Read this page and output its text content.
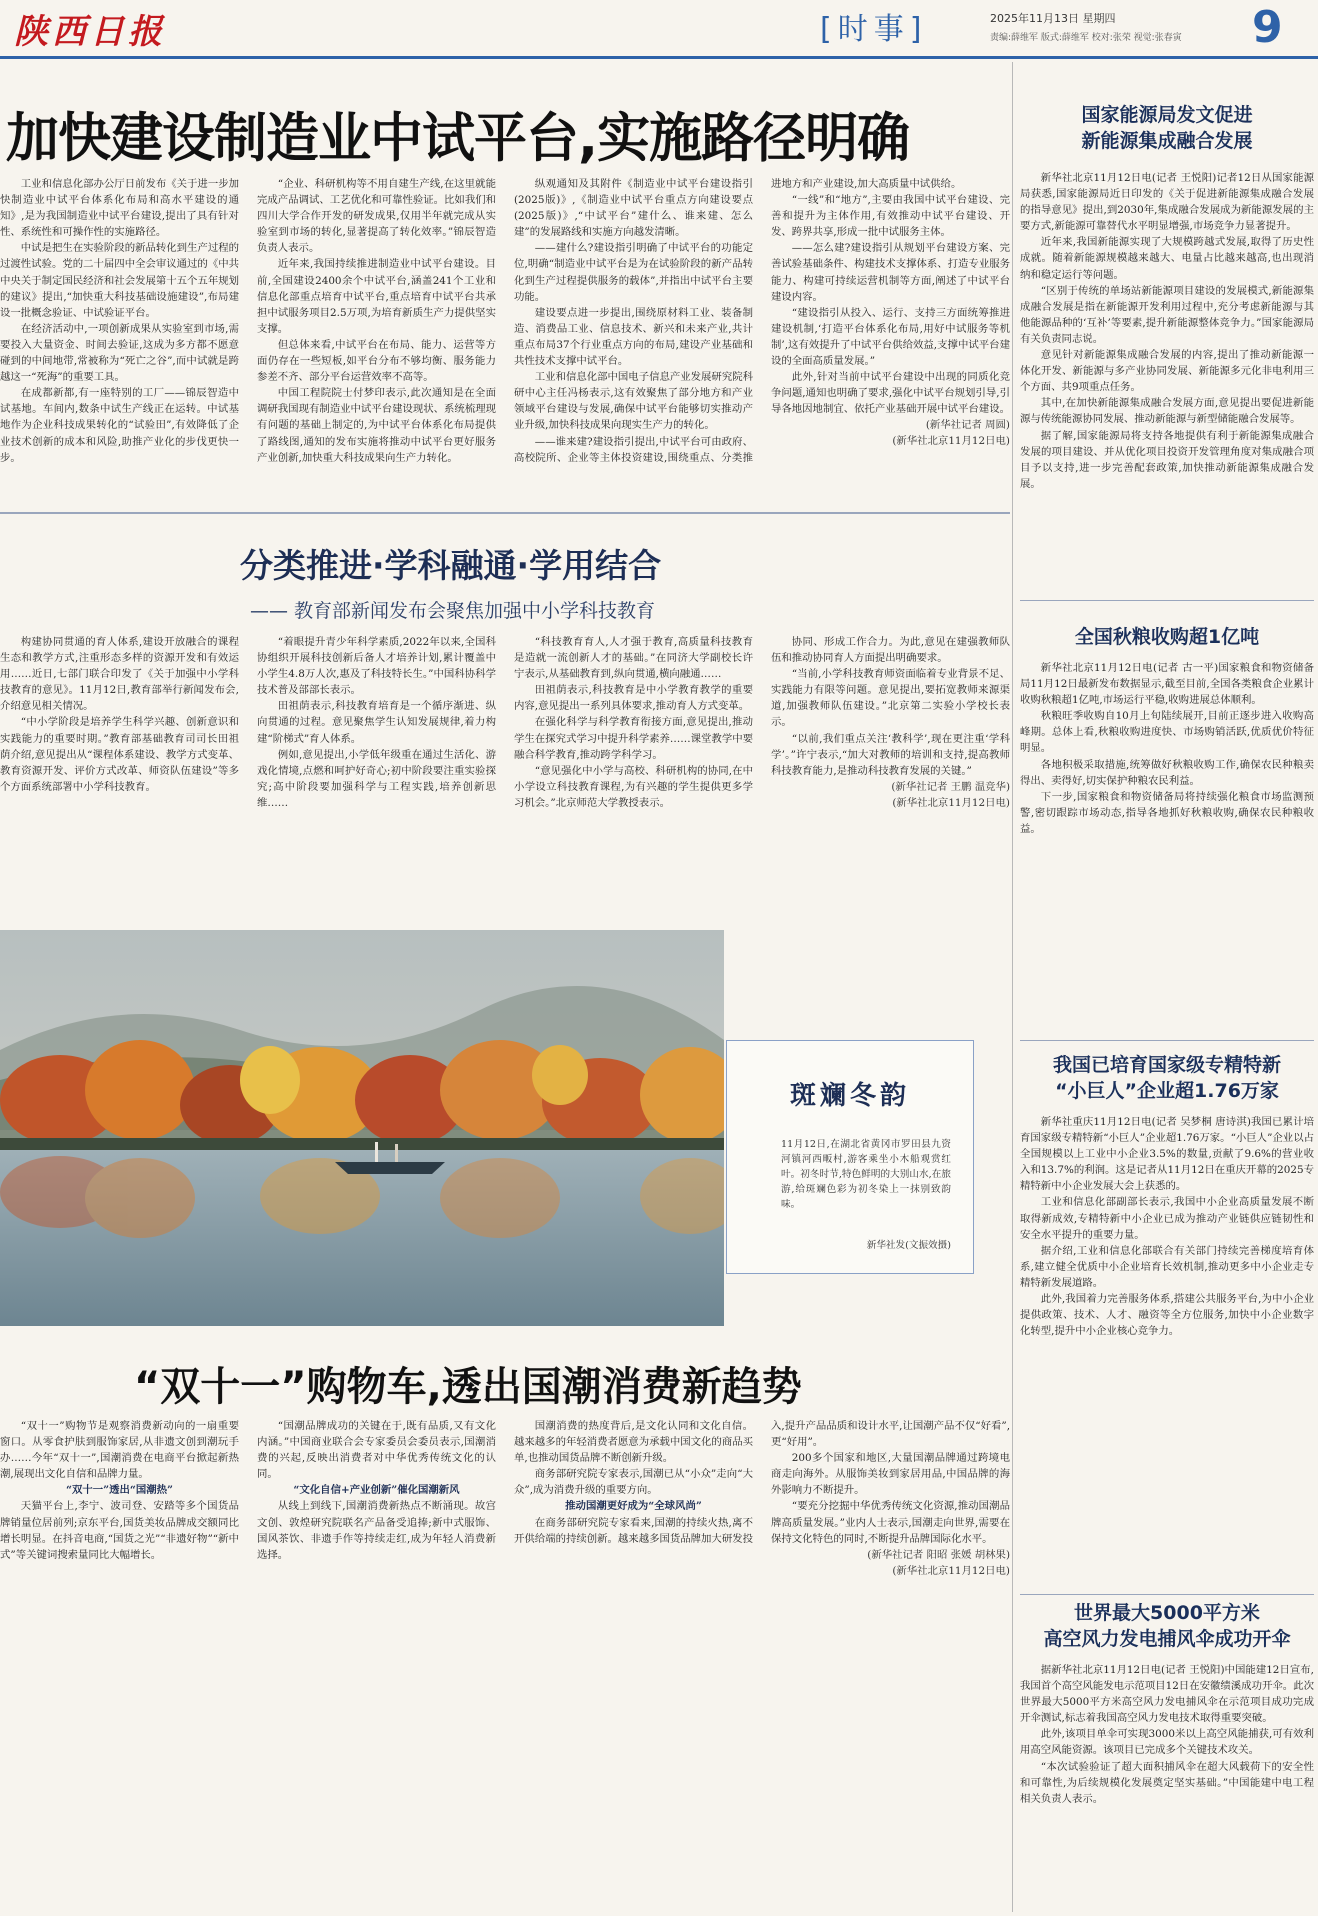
陕西日报	[时事]	2025年11月13日 星期四
责编:薛维军 版式:薛维军 校对:张荣 视觉:张春寅 9
加快建设制造业中试平台,实施路径明确

工业和信息化部办公厅日前发布《关于进一步加快制造业中试平台体系化布局和高水平建设的通知》,是为我国制造业中试平台建设,提出了具有针对性、系统性和可操作性的实施路径。

中试是把生在实验阶段的新品转化到生产过程的过渡性试验。党的二十届四中全会审议通过的《中共中央关于制定国民经济和社会发展第十五个五年规划的建议》提出,“加快重大科技基础设施建设”,布局建设一批概念验证、中试验证平台。

在经济活动中,一项创新成果从实验室到市场,需要投入大量资金、时间去验证,这成为多方都不愿意碰到的中间地带,常被称为“死亡之谷”,而中试就是跨越这一“死海”的重要工具。

在成都新都,有一座特别的工厂——锦辰智造中试基地。车间内,数条中试生产线正在运转。中试基地作为企业科技成果转化的“试验田”,有效降低了企业技术创新的成本和风险,助推产业化的步伐更快一步。

“企业、科研机构等不用自建生产线,在这里就能完成产品调试、工艺优化和可靠性验证。比如我们和四川大学合作开发的研发成果,仅用半年就完成从实验室到市场的转化,显著提高了转化效率。”锦辰智造负责人表示。

近年来,我国持续推进制造业中试平台建设。目前,全国建设2400余个中试平台,涵盖241个工业和信息化部重点培育中试平台,重点培育中试平台共承担中试服务项目2.5万项,为培育新质生产力提供坚实支撑。

但总体来看,中试平台在布局、能力、运营等方面仍存在一些短板,如平台分布不够均衡、服务能力参差不齐、部分平台运营效率不高等。

中国工程院院士付梦印表示,此次通知是在全面调研我国现有制造业中试平台建设现状、系统梳理现有问题的基础上制定的,为中试平台体系化布局提供了路线图,通知的发布实施将推动中试平台更好服务产业创新,加快重大科技成果向生产力转化。

纵观通知及其附件《制造业中试平台建设指引(2025版)》,《制造业中试平台重点方向建设要点(2025版)》,“中试平台”建什么、谁来建、怎么建”的发展路线和实施方向越发清晰。

——建什么?建设指引明确了中试平台的功能定位,明确“制造业中试平台是为在试验阶段的新产品转化到生产过程提供服务的载体”,并指出中试平台主要功能。

建设要点进一步提出,围绕原材料工业、装备制造、消费品工业、信息技术、新兴和未来产业,共计重点布局37个行业重点方向的布局,建设产业基础和共性技术支撑中试平台。

工业和信息化部中国电子信息产业发展研究院科研中心主任冯杨表示,这有效聚焦了部分地方和产业领域平台建设与发展,确保中试平台能够切实推动产业升级,加快科技成果向现实生产力的转化。

——谁来建?建设指引提出,中试平台可由政府、高校院所、企业等主体投资建设,围绕重点、分类推进地方和产业建设,加大高质量中试供给。

“一线”和“地方”,主要由我国中试平台建设、完善和提升为主体作用,有效推动中试平台建设、开发、跨界共享,形成一批中试服务主体。

——怎么建?建设指引从规划平台建设方案、完善试验基础条件、构建技术支撑体系、打造专业服务能力、构建可持续运营机制等方面,阐述了中试平台建设内容。

“建设指引从投入、运行、支持三方面统筹推进建设机制,‘打造平台体系化布局,用好中试服务等机制’,这有效提升了中试平台供给效益,支撑中试平台建设的全面高质量发展。”

此外,针对当前中试平台建设中出现的同质化竞争问题,通知也明确了要求,强化中试平台规划引导,引导各地因地制宜、依托产业基础开展中试平台建设。

(新华社记者 周圆)

(新华社北京11月12日电)

分类推进·学科融通·学用结合
—— 教育部新闻发布会聚焦加强中小学科技教育

构建协同贯通的育人体系,建设开放融合的课程生态和教学方式,注重形态多样的资源开发和有效运用……近日,七部门联合印发了《关于加强中小学科技教育的意见》。11月12日,教育部举行新闻发布会,介绍意见相关情况。

“中小学阶段是培养学生科学兴趣、创新意识和实践能力的重要时期。”教育部基础教育司司长田祖荫介绍,意见提出从“课程体系建设、教学方式变革、教育资源开发、评价方式改革、师资队伍建设”等多个方面系统部署中小学科技教育。

“着眼提升青少年科学素质,2022年以来,全国科协组织开展科技创新后备人才培养计划,累计覆盖中小学生4.8万人次,惠及了科技特长生。”中国科协科学技术普及部部长表示。

田祖荫表示,科技教育培育是一个循序渐进、纵向贯通的过程。意见聚焦学生认知发展规律,着力构建“阶梯式”育人体系。

例如,意见提出,小学低年级重在通过生活化、游戏化情境,点燃和呵护好奇心;初中阶段要注重实验探究;高中阶段要加强科学与工程实践,培养创新思维……

“科技教育育人,人才强于教育,高质量科技教育是造就一流创新人才的基础。”在同济大学副校长许宁表示,从基础教育到,纵向贯通,横向融通……

田祖荫表示,科技教育是中小学教育教学的重要内容,意见提出一系列具体要求,推动育人方式变革。

在强化科学与科学教育衔接方面,意见提出,推动学生在探究式学习中提升科学素养……课堂教学中要融合科学教育,推动跨学科学习。

“意见强化中小学与高校、科研机构的协同,在中小学设立科技教育课程,为有兴趣的学生提供更多学习机会。”北京师范大学教授表示。

协同、形成工作合力。为此,意见在建强教师队伍和推动协同育人方面提出明确要求。

“当前,小学科技教育师资面临着专业背景不足、实践能力有限等问题。意见提出,要拓宽教师来源渠道,加强教师队伍建设。”北京第二实验小学校长表示。

“以前,我们重点关注‘教科学’,现在更注重‘学科学’。”许宁表示,“加大对教师的培训和支持,提高教师科技教育能力,是推动科技教育发展的关键。”

(新华社记者 王鹏 温竞华)

(新华社北京11月12日电)

斑斓冬韵
11月12日,在湖北省黄冈市罗田县九资河镇河西畈村,游客乘坐小木船观赏红叶。初冬时节,特色鲜明的大别山水,在旅游,给斑斓色彩为初冬染上一抹别致韵味。
新华社发(文振效摄)
“双十一”购物车,透出国潮消费新趋势

“双十一”购物节是观察消费新动向的一扇重要窗口。从零食护肤到服饰家居,从非遗文创到潮玩手办……今年“双十一”,国潮消费在电商平台掀起新热潮,展现出文化自信和品牌力量。

“双十一”透出“国潮热”

天猫平台上,李宁、波司登、安踏等多个国货品牌销量位居前列;京东平台,国货美妆品牌成交额同比增长明显。在抖音电商,“国货之光”“非遗好物”“新中式”等关键词搜索量同比大幅增长。

“国潮品牌成功的关键在于,既有品质,又有文化内涵。”中国商业联合会专家委员会委员表示,国潮消费的兴起,反映出消费者对中华优秀传统文化的认同。

“文化自信+产业创新”催化国潮新风

从线上到线下,国潮消费新热点不断涌现。故宫文创、敦煌研究院联名产品备受追捧;新中式服饰、国风茶饮、非遗手作等持续走红,成为年轻人消费新选择。

国潮消费的热度背后,是文化认同和文化自信。越来越多的年轻消费者愿意为承载中国文化的商品买单,也推动国货品牌不断创新升级。

商务部研究院专家表示,国潮已从“小众”走向“大众”,成为消费升级的重要方向。

推动国潮更好成为“全球风尚”

在商务部研究院专家看来,国潮的持续火热,离不开供给端的持续创新。越来越多国货品牌加大研发投入,提升产品品质和设计水平,让国潮产品不仅“好看”,更“好用”。

200多个国家和地区,大量国潮品牌通过跨境电商走向海外。从服饰美妆到家居用品,中国品牌的海外影响力不断提升。

“要充分挖掘中华优秀传统文化资源,推动国潮品牌高质量发展。”业内人士表示,国潮走向世界,需要在保持文化特色的同时,不断提升品牌国际化水平。

(新华社记者 阳昭 张媛 胡林果)

(新华社北京11月12日电)

国家能源局发文促进
新能源集成融合发展

新华社北京11月12日电(记者 王悦阳)记者12日从国家能源局获悉,国家能源局近日印发的《关于促进新能源集成融合发展的指导意见》提出,到2030年,集成融合发展成为新能源发展的主要方式,新能源可靠替代水平明显增强,市场竞争力显著提升。

近年来,我国新能源实现了大规模跨越式发展,取得了历史性成就。随着新能源规模越来越大、电量占比越来越高,也出现消纳和稳定运行等问题。

“区别于传统的单场站新能源项目建设的发展模式,新能源集成融合发展是指在新能源开发利用过程中,充分考虑新能源与其他能源品种的‘互补’等要素,提升新能源整体竞争力。”国家能源局有关负责同志说。

意见针对新能源集成融合发展的内容,提出了推动新能源一体化开发、新能源与多产业协同发展、新能源多元化非电利用三个方面、共9项重点任务。

其中,在加快新能源集成融合发展方面,意见提出要促进新能源与传统能源协同发展、推动新能源与新型储能融合发展等。

据了解,国家能源局将支持各地提供有利于新能源集成融合发展的项目建设、并从优化项目投资开发管理角度对集成融合项目予以支持,进一步完善配套政策,加快推动新能源集成融合发展。

全国秋粮收购超1亿吨

新华社北京11月12日电(记者 古一平)国家粮食和物资储备局11月12日最新发布数据显示,截至目前,全国各类粮食企业累计收购秋粮超1亿吨,市场运行平稳,收购进展总体顺利。

秋粮旺季收购自10月上旬陆续展开,目前正逐步进入收购高峰期。总体上看,秋粮收购进度快、市场购销活跃,优质优价特征明显。

各地积极采取措施,统筹做好秋粮收购工作,确保农民种粮卖得出、卖得好,切实保护种粮农民利益。

下一步,国家粮食和物资储备局将持续强化粮食市场监测预警,密切跟踪市场动态,指导各地抓好秋粮收购,确保农民种粮收益。

我国已培育国家级专精特新
“小巨人”企业超1.76万家

新华社重庆11月12日电(记者 吴梦桐 唐诗淇)我国已累计培育国家级专精特新“小巨人”企业超1.76万家。“小巨人”企业以占全国规模以上工业中小企业3.5%的数量,贡献了9.6%的营业收入和13.7%的利润。这是记者从11月12日在重庆开幕的2025专精特新中小企业发展大会上获悉的。

工业和信息化部副部长表示,我国中小企业高质量发展不断取得新成效,专精特新中小企业已成为推动产业链供应链韧性和安全水平提升的重要力量。

据介绍,工业和信息化部联合有关部门持续完善梯度培育体系,建立健全优质中小企业培育长效机制,推动更多中小企业走专精特新发展道路。

此外,我国着力完善服务体系,搭建公共服务平台,为中小企业提供政策、技术、人才、融资等全方位服务,加快中小企业数字化转型,提升中小企业核心竞争力。

世界最大5000平方米
高空风力发电捕风伞成功开伞

据新华社北京11月12日电(记者 王悦阳)中国能建12日宣布,我国首个高空风能发电示范项目12日在安徽绩溪成功开伞。此次世界最大5000平方米高空风力发电捕风伞在示范项目成功完成开伞测试,标志着我国高空风力发电技术取得重要突破。

此外,该项目单伞可实现3000米以上高空风能捕获,可有效利用高空风能资源。该项目已完成多个关键技术攻关。

“本次试验验证了超大面积捕风伞在超大风载荷下的安全性和可靠性,为后续规模化发展奠定坚实基础。”中国能建中电工程相关负责人表示。
